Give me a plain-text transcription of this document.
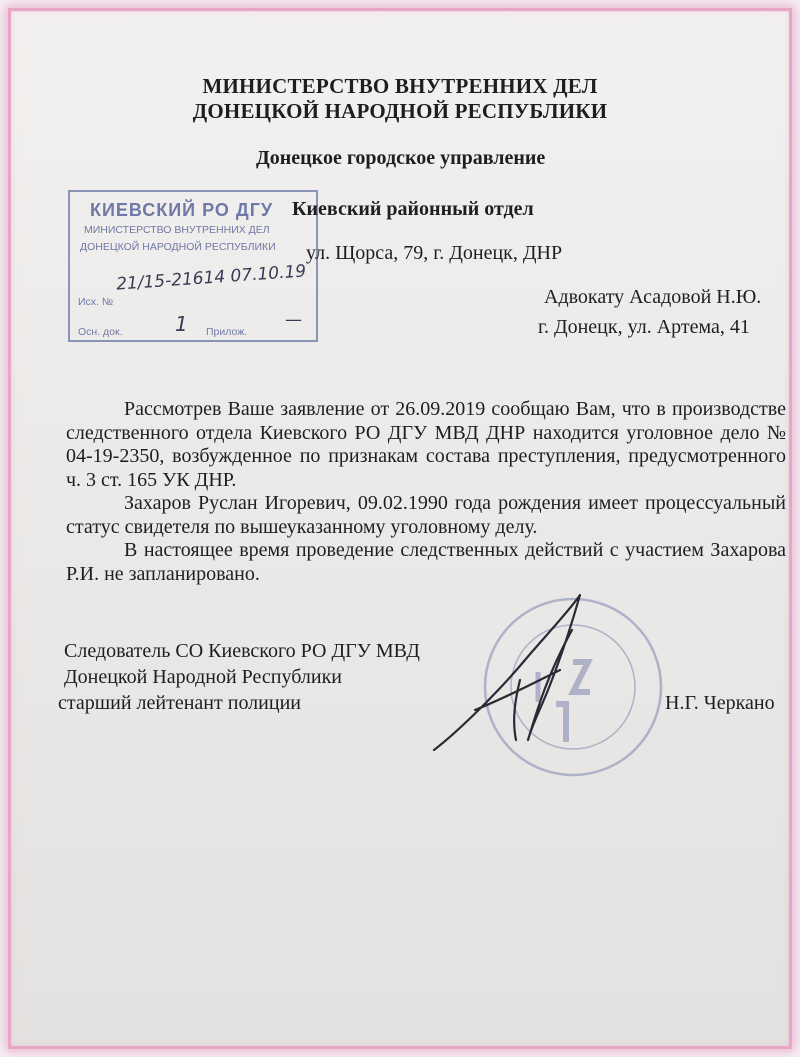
МИНИСТЕРСТВО ВНУТРЕННИХ ДЕЛ
ДОНЕЦКОЙ НАРОДНОЙ РЕСПУБЛИКИ
Донецкое городское управление
КИЕВСКИЙ РО ДГУ
МИНИСТЕРСТВО ВНУТРЕННИХ ДЕЛ
ДОНЕЦКОЙ НАРОДНОЙ РЕСПУБЛИКИ
Исх. №
Осн. док.	Прилож.
21/15-21614 07.10.19
1	—
Киевский районный отдел
ул. Щорса, 79, г. Донецк, ДНР
Адвокату Асадовой Н.Ю.
г. Донецк, ул. Артема, 41

Рассмотрев Ваше заявление от 26.09.2019 сообщаю Вам, что в производстве следственного отдела Киевского РО ДГУ МВД ДНР находится уголовное дело № 04-19-2350, возбужденное по признакам состава преступления, предусмотренного ч. 3 ст. 165 УК ДНР.

Захаров Руслан Игоревич, 09.02.1990 года рождения имеет процессуальный статус свидетеля по вышеуказанному уголовному делу.

В настоящее время проведение следственных действий с участием Захарова Р.И. не запланировано.

Следователь СО Киевского РО ДГУ МВД
Донецкой Народной Республики
старший лейтенант полиции	Н.Г. Черкано
